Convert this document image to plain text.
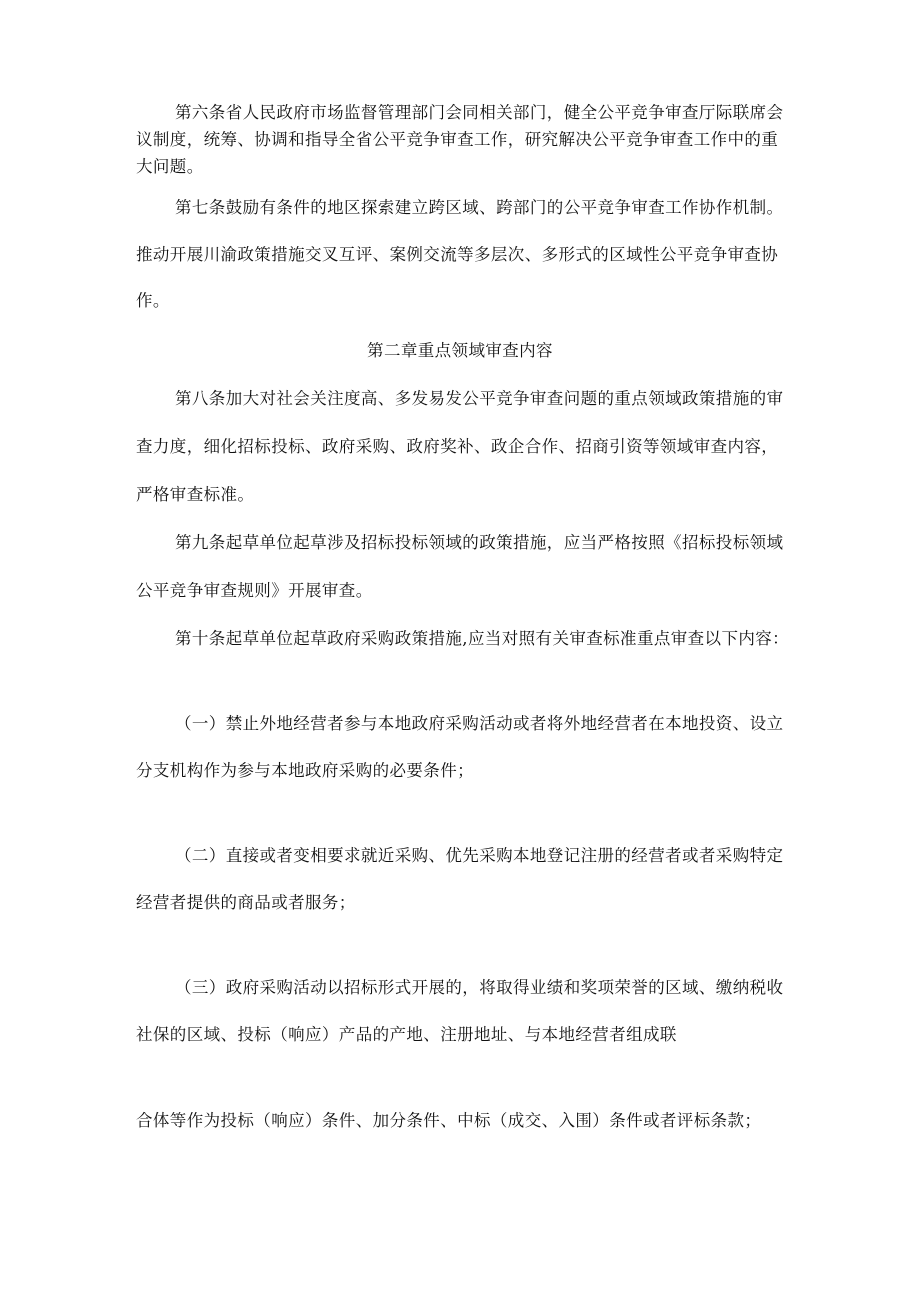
第六条省人民政府市场监督管理部门会同相关部门，健全公平竞争审查厅际联席会
议制度，统筹、协调和指导全省公平竞争审查工作，研究解决公平竞争审查工作中的重
大问题。
第七条鼓励有条件的地区探索建立跨区域、跨部门的公平竞争审查工作协作机制。
推动开展川渝政策措施交叉互评、案例交流等多层次、多形式的区域性公平竞争审查协
作。
第二章重点领域审查内容
第八条加大对社会关注度高、多发易发公平竞争审查问题的重点领域政策措施的审
查力度，细化招标投标、政府采购、政府奖补、政企合作、招商引资等领域审查内容，
严格审查标准。
第九条起草单位起草涉及招标投标领域的政策措施，应当严格按照《招标投标领域
公平竞争审查规则》开展审查。
第十条起草单位起草政府采购政策措施,应当对照有关审查标准重点审查以下内容：
（一）禁止外地经营者参与本地政府采购活动或者将外地经营者在本地投资、设立
分支机构作为参与本地政府采购的必要条件；
（二）直接或者变相要求就近采购、优先采购本地登记注册的经营者或者采购特定
经营者提供的商品或者服务；
（三）政府采购活动以招标形式开展的，将取得业绩和奖项荣誉的区域、缴纳税收
社保的区域、投标（响应）产品的产地、注册地址、与本地经营者组成联
合体等作为投标（响应）条件、加分条件、中标（成交、入围）条件或者评标条款；
